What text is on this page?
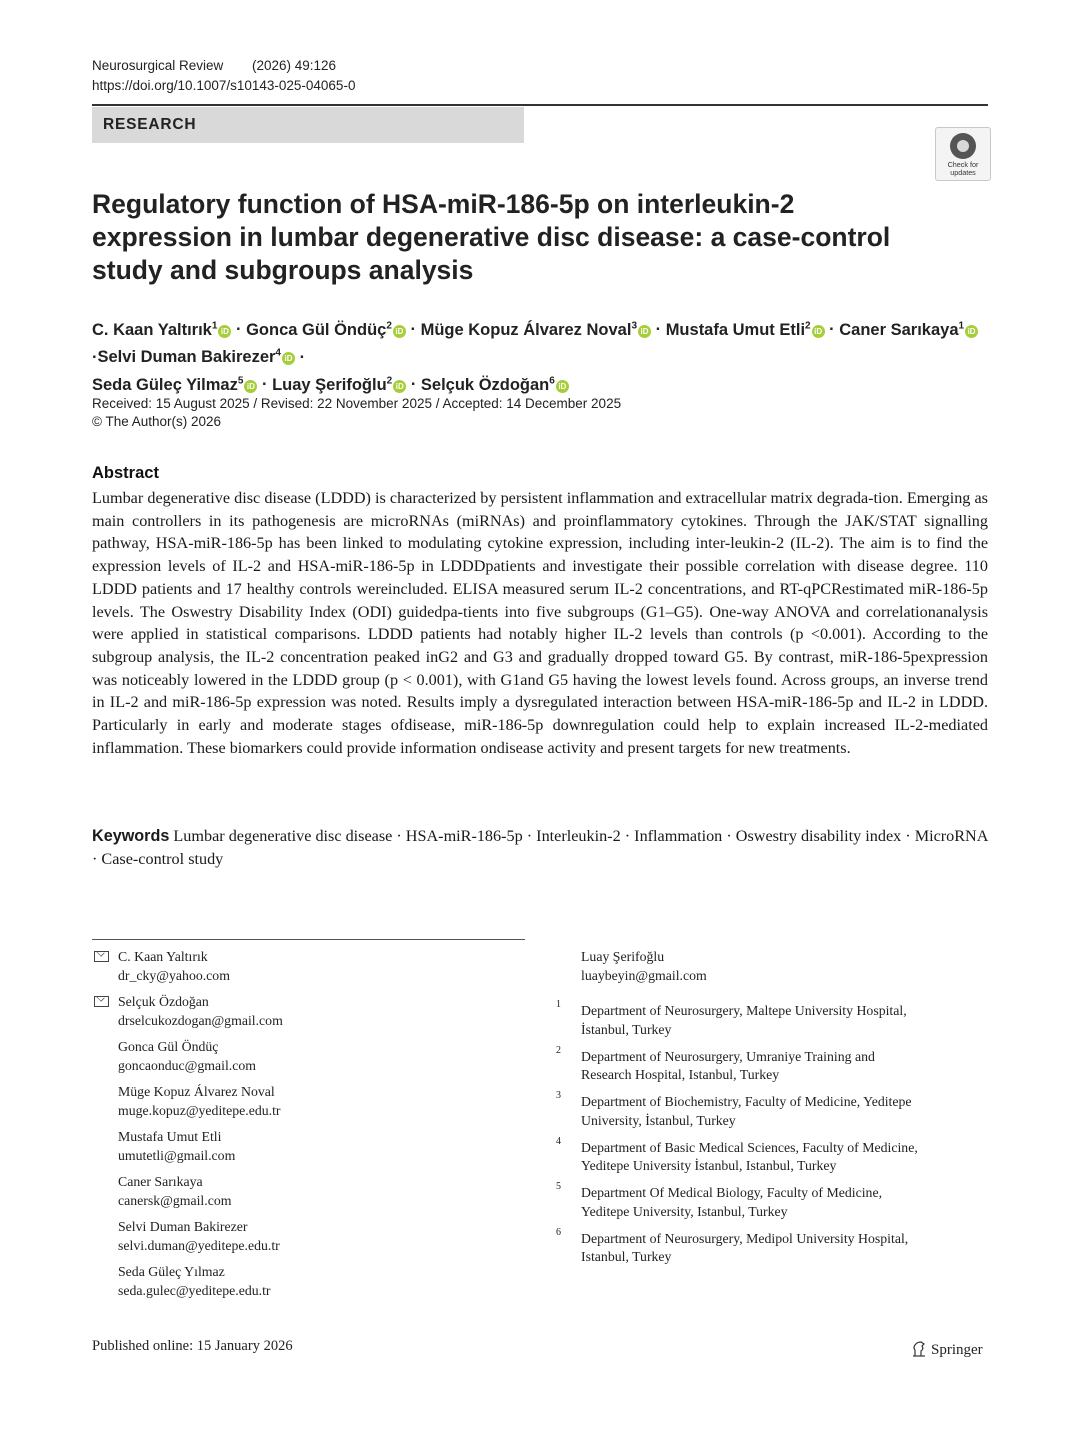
Neurosurgical Review (2026) 49:126
https://doi.org/10.1007/s10143-025-04065-0
RESEARCH
Check for
updates
Regulatory function of HSA-miR-186-5p on interleukin-2 expression in lumbar degenerative disc disease: a case-control study and subgroups analysis
C. Kaan Yaltırık$^1$ iD · Gonca Gül Öndüç$^2$ iD · Müge Kopuz Álvarez Noval$^3$ iD · Mustafa Umut Etli$^2$ iD · Caner Sarıkaya$^1$ iD ·Selvi Duman Bakirezer$^4$ iD ·
Seda Güleç Yilmaz$^5$ iD · Luay Şerifoğlu$^2$ iD · Selçuk Özdoğan$^6$ iD
Received: 15 August 2025 / Revised: 22 November 2025 / Accepted: 14 December 2025
© The Author(s) 2026
Abstract
Lumbar degenerative disc disease (LDDD) is characterized by persistent inflammation and extracellular matrix degrada-tion. Emerging as main controllers in its pathogenesis are microRNAs (miRNAs) and proinflammatory cytokines. Through the JAK/STAT signalling pathway, HSA-miR-186-5p has been linked to modulating cytokine expression, including inter-leukin-2 (IL-2). The aim is to find the expression levels of IL-2 and HSA-miR-186-5p in LDDDpatients and investigate their possible correlation with disease degree. 110 LDDD patients and 17 healthy controls wereincluded. ELISA measured serum IL-2 concentrations, and RT-qPCRestimated miR-186-5p levels. The Oswestry Disability Index (ODI) guidedpa-tients into five subgroups (G1–G5). One-way ANOVA and correlationanalysis were applied in statistical comparisons. LDDD patients had notably higher IL-2 levels than controls (p <0.001). According to the subgroup analysis, the IL-2 concentration peaked inG2 and G3 and gradually dropped toward G5. By contrast, miR-186-5pexpression was noticeably lowered in the LDDD group (p < 0.001), with G1and G5 having the lowest levels found. Across groups, an inverse trend in IL-2 and miR-186-5p expression was noted. Results imply a dysregulated interaction between HSA-miR-186-5p and IL-2 in LDDD. Particularly in early and moderate stages ofdisease, miR-186-5p downregulation could help to explain increased IL-2-mediated inflammation. These biomarkers could provide information ondisease activity and present targets for new treatments.
Keywords Lumbar degenerative disc disease · HSA-miR-186-5p · Interleukin-2 · Inflammation · Oswestry disability index · MicroRNA · Case-control study
C. Kaan Yaltırık
dr_cky@yahoo.com
Selçuk Özdoğan
drselcukozdogan@gmail.com
Gonca Gül Öndüç
goncaonduc@gmail.com
Müge Kopuz Álvarez Noval
muge.kopuz@yeditepe.edu.tr
Mustafa Umut Etli
umutetli@gmail.com
Caner Sarıkaya
canersk@gmail.com
Selvi Duman Bakirezer
selvi.duman@yeditepe.edu.tr
Seda Güleç Yılmaz
seda.gulec@yeditepe.edu.tr
Luay Şerifoğlu
luaybeyin@gmail.com
1 Department of Neurosurgery, Maltepe University Hospital,
İstanbul, Turkey
2 Department of Neurosurgery, Umraniye Training and
Research Hospital, Istanbul, Turkey
3 Department of Biochemistry, Faculty of Medicine, Yeditepe
University, İstanbul, Turkey
4 Department of Basic Medical Sciences, Faculty of Medicine,
Yeditepe University İstanbul, Istanbul, Turkey
5 Department Of Medical Biology, Faculty of Medicine,
Yeditepe University, Istanbul, Turkey
6 Department of Neurosurgery, Medipol University Hospital,
Istanbul, Turkey
Published online: 15 January 2026	Springer
